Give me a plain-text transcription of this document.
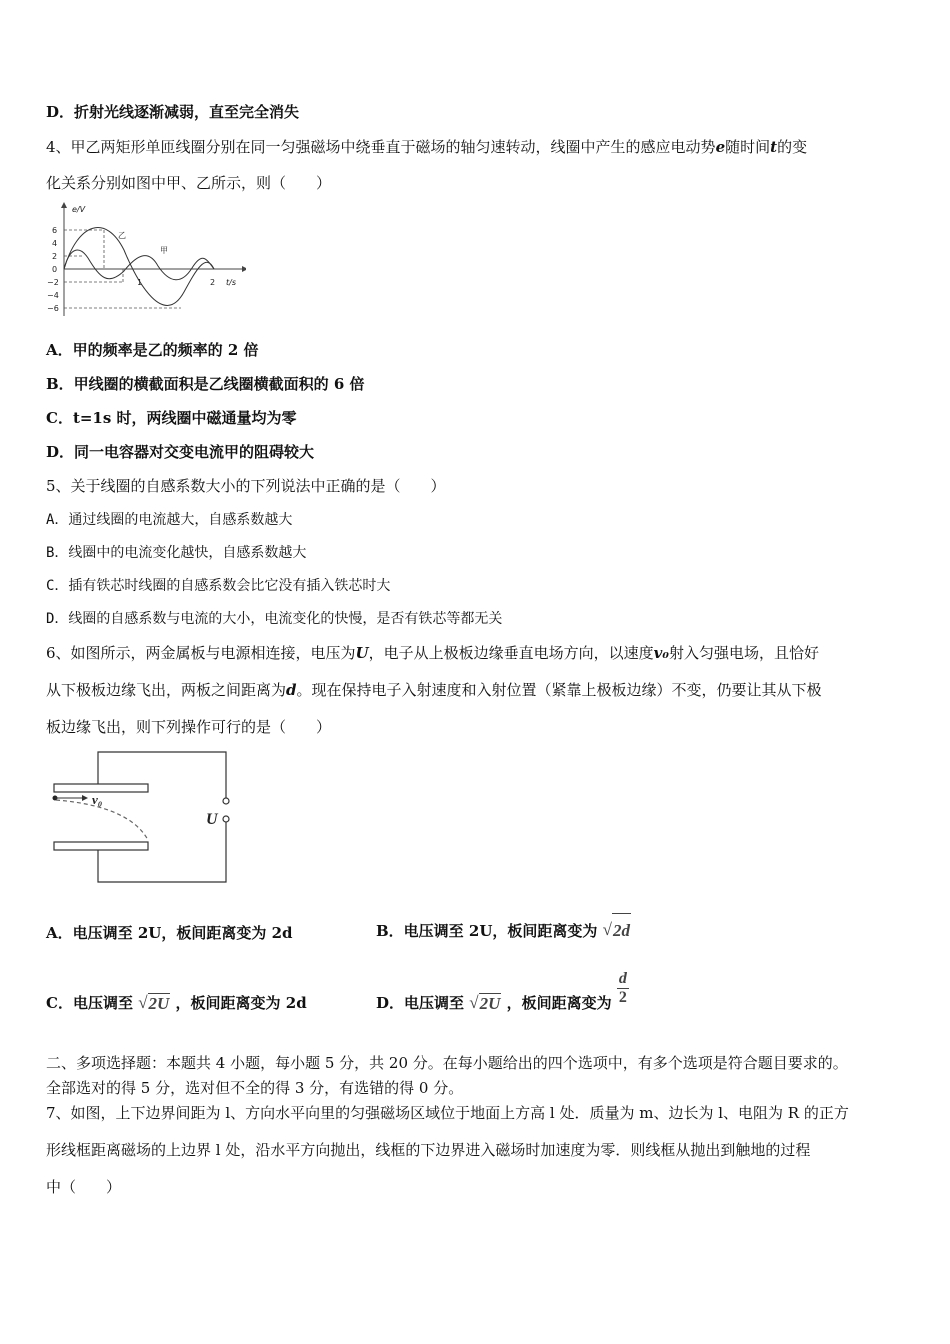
D．折射光线逐渐减弱，直至完全消失
4、甲乙两矩形单匝线圈分别在同一匀强磁场中绕垂直于磁场的轴匀速转动，线圈中产生的感应电动势e随时间t的变
化关系分别如图中甲、乙所示，则（　　）
e/V
t/s
6
4
2
0
−2
−4
−6
1	2
乙
甲
A．甲的频率是乙的频率的 2 倍
B．甲线圈的横截面积是乙线圈横截面积的 6 倍
C．t=1s 时，两线圈中磁通量均为零
D．同一电容器对交变电流甲的阻碍较大
5、关于线圈的自感系数大小的下列说法中正确的是（　　）
A．通过线圈的电流越大，自感系数越大
B．线圈中的电流变化越快，自感系数越大
C．插有铁芯时线圈的自感系数会比它没有插入铁芯时大
D．线圈的自感系数与电流的大小，电流变化的快慢，是否有铁芯等都无关
6、如图所示，两金属板与电源相连接，电压为U，电子从上极板边缘垂直电场方向，以速度v₀射入匀强电场，且恰好
从下极板边缘飞出，两板之间距离为d。现在保持电子入射速度和入射位置（紧靠上极板边缘）不变，仍要让其从下极
板边缘飞出，则下列操作可行的是（　　）
v₀
U
A．电压调至 2U，板间距离变为 2d	B．电压调至 2U，板间距离变为 √ 2d
C．电压调至 √ 2U ，板间距离变为 2d	D．电压调至 √ 2U ，板间距离变为 $\frac{d}{2}$
二、多项选择题：本题共 4 小题，每小题 5 分，共 20 分。在每小题给出的四个选项中，有多个选项是符合题目要求的。
全部选对的得 5 分，选对但不全的得 3 分，有选错的得 0 分。
7、如图，上下边界间距为 l、方向水平向里的匀强磁场区域位于地面上方高 l 处．质量为 m、边长为 l、电阻为 R 的正方
形线框距离磁场的上边界 l 处，沿水平方向抛出，线框的下边界进入磁场时加速度为零．则线框从抛出到触地的过程
中（　　）
